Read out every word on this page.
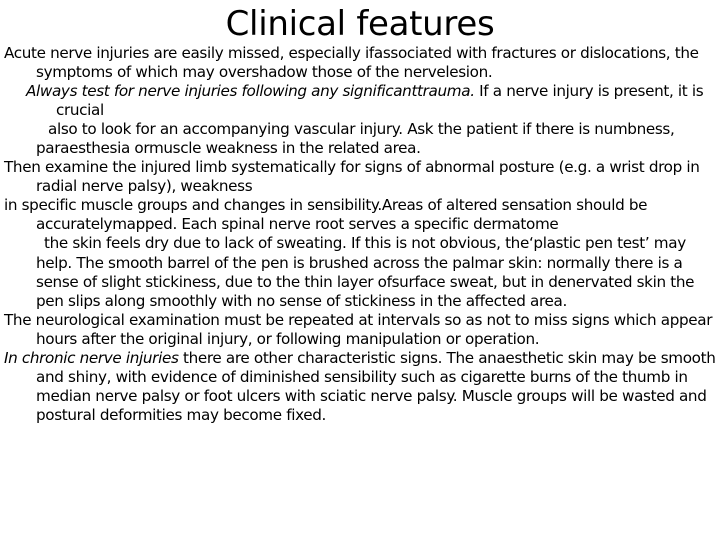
Clinical features

Acute nerve injuries are easily missed, especially ifassociated with fractures or dislocations, the symptoms of which may overshadow those of the nervelesion.

Always test for nerve injuries following any significanttrauma. If a nerve injury is present, it is crucial

also to look for an accompanying vascular injury. Ask the patient if there is numbness, paraesthesia ormuscle weakness in the related area.

Then examine the injured limb systematically for signs of abnormal posture (e.g. a wrist drop in radial nerve palsy), weakness

in specific muscle groups and changes in sensibility.Areas of altered sensation should be accuratelymapped. Each spinal nerve root serves a specific dermatome

the skin feels dry due to lack of sweating. If this is not obvious, the‘plastic pen test’ may help. The smooth barrel of the pen is brushed across the palmar skin: normally there is a sense of slight stickiness, due to the thin layer ofsurface sweat, but in denervated skin the pen slips along smoothly with no sense of stickiness in the affected area.

The neurological examination must be repeated at intervals so as not to miss signs which appear hours after the original injury, or following manipulation or operation.

In chronic nerve injuries there are other characteristic signs. The anaesthetic skin may be smooth and shiny, with evidence of diminished sensibility such as cigarette burns of the thumb in median nerve palsy or foot ulcers with sciatic nerve palsy. Muscle groups will be wasted and postural deformities may become fixed.
